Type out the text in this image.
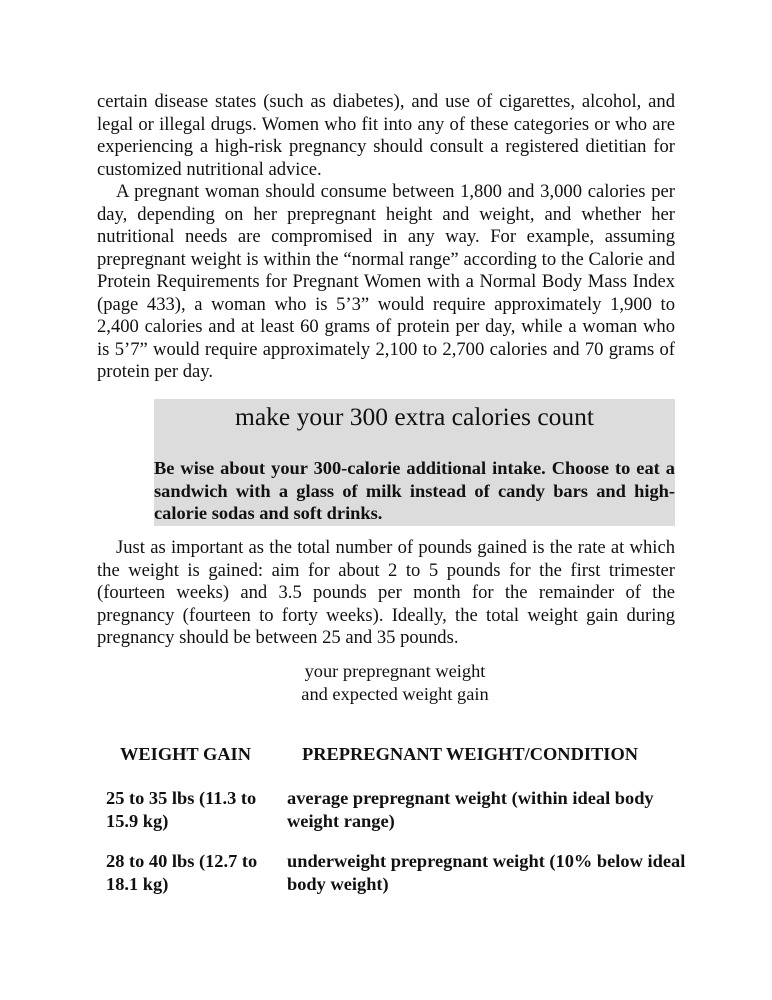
certain disease states (such as diabetes), and use of cigarettes, alcohol, and legal or illegal drugs. Women who fit into any of these categories or who are experiencing a high-risk pregnancy should consult a registered dietitian for customized nutritional advice.

A pregnant woman should consume between 1,800 and 3,000 calories per day, depending on her prepregnant height and weight, and whether her nutritional needs are compromised in any way. For example, assuming prepregnant weight is within the “normal range” according to the Calorie and Protein Requirements for Pregnant Women with a Normal Body Mass Index (page 433), a woman who is 5’3” would require approximately 1,900 to 2,400 calories and at least 60 grams of protein per day, while a woman who is 5’7” would require approximately 2,100 to 2,700 calories and 70 grams of protein per day.

make your 300 extra calories count
Be wise about your 300-calorie additional intake. Choose to eat a sandwich with a glass of milk instead of candy bars and high-calorie sodas and soft drinks.

Just as important as the total number of pounds gained is the rate at which the weight is gained: aim for about 2 to 5 pounds for the first trimester (fourteen weeks) and 3.5 pounds per month for the remainder of the pregnancy (fourteen to forty weeks). Ideally, the total weight gain during pregnancy should be between 25 and 35 pounds.

your prepregnant weight
and expected weight gain
WEIGHT GAIN	PREPREGNANT WEIGHT/CONDITION
25 to 35 lbs (11.3 to 15.9 kg)
average prepregnant weight (within ideal body weight range)
28 to 40 lbs (12.7 to 18.1 kg)
underweight prepregnant weight (10% below ideal body weight)
